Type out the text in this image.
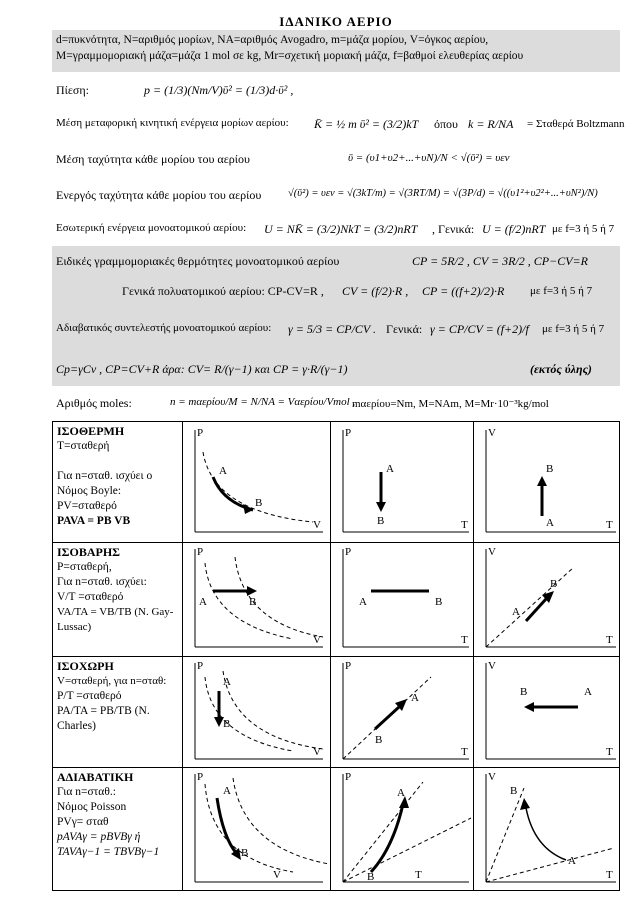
ΙΔΑΝΙΚΟ ΑΕΡΙΟ
d=πυκνότητα, N=αριθμός μορίων, NA=αριθμός Avogadro, m=μάζα μορίου, V=όγκος αερίου,
M=γραμμομοριακή μάζα=μάζα 1 mol σε kg, Mr=σχετική μοριακή μάζα, f=βαθμοί ελευθερίας αερίου
Πίεση:	p = (1/3)(Nm/V)ῡ² = (1/3)d·ῡ² ,
Μέση μεταφορική κινητική ενέργεια μορίων αερίου: K̄ = ½ m ῡ² = (3/2)kT όπου k = R/NA = Σταθερά Boltzmann
Μέση ταχύτητα κάθε μορίου του αερίου	ῡ = (υ1+υ2+...+υN)/N < √(ῡ²) = υεν
Ενεργός ταχύτητα κάθε μορίου του αερίου	√(ῡ²) = υεν = √(3kT/m) = √(3RT/M) = √(3P/d) = √((υ1²+υ2²+...+υN²)/N)
Εσωτερική ενέργεια μονοατομικού αερίου: U = NK̄ = (3/2)NkT = (3/2)nRT , Γενικά: U = (f/2)nRT με f=3 ή 5 ή 7
Ειδικές γραμμομοριακές θερμότητες μονοατομικού αερίου	CP = 5R/2 , CV = 3R/2 , CP−CV=R
Γενικά πολυατομικού αερίου: CP-CV=R , CV = (f/2)·R , CP = ((f+2)/2)·R με f=3 ή 5 ή 7
Αδιαβατικός συντελεστής μονοατομικού αερίου: γ = 5/3 = CP/CV . Γενικά: γ = CP/CV = (f+2)/f με f=3 ή 5 ή 7
Cp=γCv , CP=CV+R άρα: CV= R/(γ−1) και CP = γ·R/(γ−1)	(εκτός ύλης)
Αριθμός moles:	n = mαερίου/M = N/NA = Vαερίου/Vmol ,
mαερίου=Nm, M=NAm, M=Mr·10⁻³kg/mol
ΙΣΟΘΕΡΜΗ
T=σταθερή

Για n=σταθ. ισχύει ο
Νόμος Boyle:
PV=σταθερό
PAVA = PB VB
P
V
A
B
P
T
A
B
V
T
B
A
ΙΣΟΒΑΡΗΣ
P=σταθερή,
Για n=σταθ. ισχύει:
V/T =σταθερό
VA/TA = VB/TB (N. Gay-Lussac)
P
V
A	B
P
T
A	B
V
T
A
B
ΙΣΟΧΩΡΗ
V=σταθερή, για n=σταθ:
P/T =σταθερό
PA/TA = PB/TB (N. Charles)
P
V
A
B
P
T
A
B
V
T
B	A
ΑΔΙΑΒΑΤΙΚΗ
Για n=σταθ.:
Νόμος Poisson
PVγ= σταθ
pAVAγ = pBVBγ ή
TAVAγ−1 = TBVBγ−1
P
V
A
B
P
T
A
B
V
T
B
A
